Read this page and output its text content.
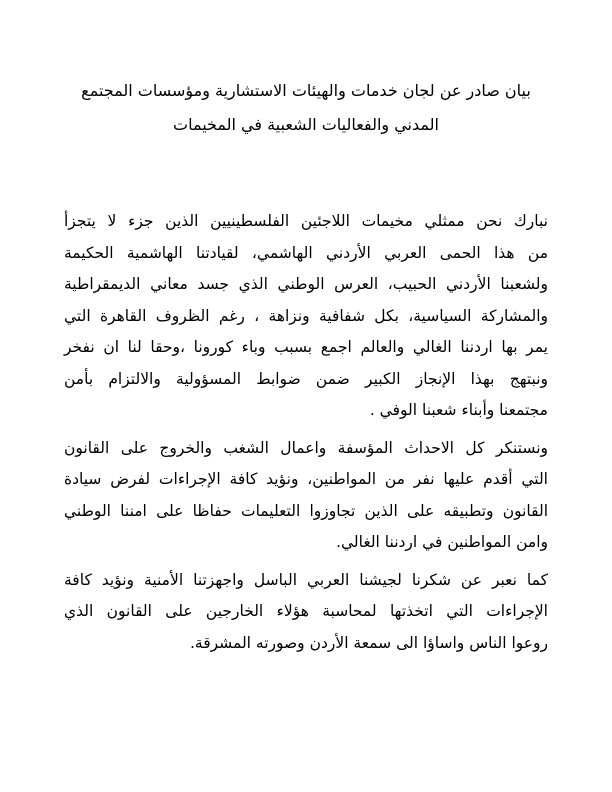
بيان صادر عن لجان خدمات والهيئات الاستشارية ومؤسسات المجتمع
المدني والفعاليات الشعبية في المخيمات
نبارك نحن ممثلي مخيمات اللاجئين الفلسطينيين الذين جزء لا يتجزأ
من هذا الحمى العربي الأردني الهاشمي، لقيادتنا الهاشمية الحكيمة
ولشعبنا الأردني الحبيب، العرس الوطني الذي جسد معاني الديمقراطية
والمشاركة السياسية، بكل شفافية ونزاهة ، رغم الظروف القاهرة التي
يمر بها اردننا الغالي والعالم اجمع بسبب وباء كورونا ،وحقا لنا ان نفخر
ونبتهج بهذا الإنجاز الكبير ضمن ضوابط المسؤولية والالتزام بأمن
مجتمعنا وأبناء شعبنا الوفي .
ونستنكر كل الاحداث المؤسفة واعمال الشغب والخروج على القانون
التي أقدم عليها نفر من المواطنين، ونؤيد كافة الإجراءات لفرض سيادة
القانون وتطبيقه على الذين تجاوزوا التعليمات حفاظا على امننا الوطني
وامن المواطنين في اردننا الغالي.
كما نعبر عن شكرنا لجيشنا العربي الباسل واجهزتنا الأمنية ونؤيد كافة
الإجراءات التي اتخذتها لمحاسبة هؤلاء الخارجين على القانون الذي
روعوا الناس واساؤا الى سمعة الأردن وصورته المشرقة.
